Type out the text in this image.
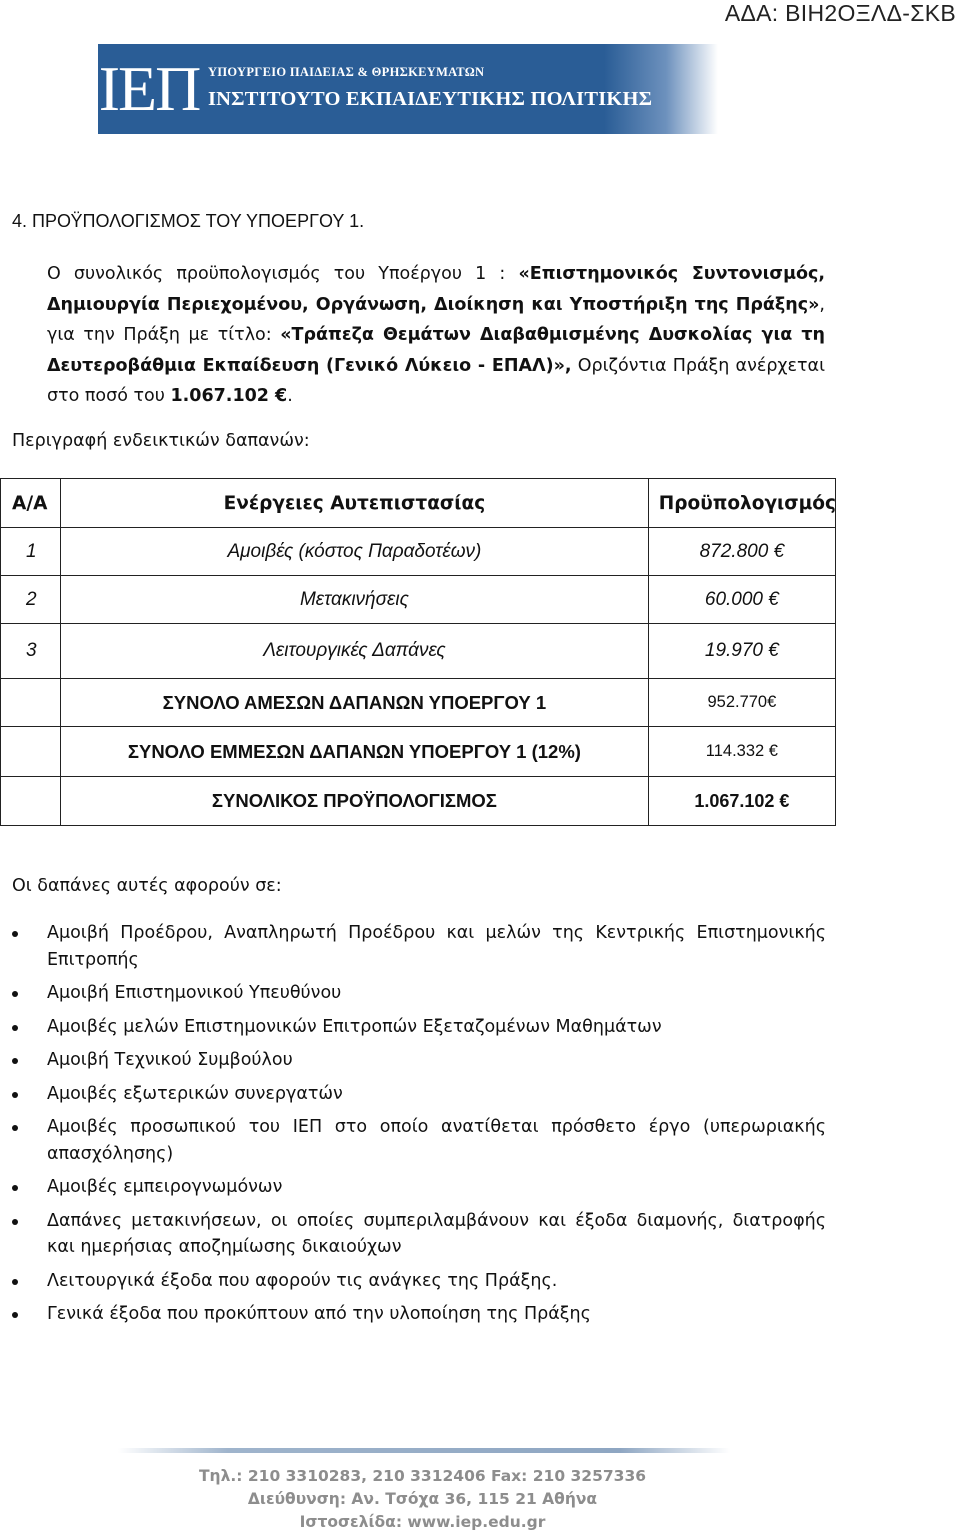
ΑΔΑ: ΒΙΗ2ΟΞΛΔ-ΣΚΒ
ΙΕΠ ΥΠΟΥΡΓΕΙΟ ΠΑΙΔΕΙΑΣ & ΘΡΗΣΚΕΥΜΑΤΩΝ
ΙΝΣΤΙΤΟΥΤΟ ΕΚΠΑΙΔΕΥΤΙΚΗΣ ΠΟΛΙΤΙΚΗΣ
4. ΠΡΟΫΠΟΛΟΓΙΣΜΟΣ ΤΟΥ ΥΠΟΕΡΓΟΥ 1.
Ο συνολικός προϋπολογισμός του Υποέργου 1 : «Επιστημονικός Συντονισμός, Δημιουργία Περιεχομένου, Οργάνωση, Διοίκηση και Υποστήριξη της Πράξης», για την Πράξη με τίτλο: «Τράπεζα Θεμάτων Διαβαθμισμένης Δυσκολίας για τη Δευτεροβάθμια Εκπαίδευση (Γενικό Λύκειο - ΕΠΑΛ)», Οριζόντια Πράξη ανέρχεται στο ποσό του 1.067.102 €.
Περιγραφή ενδεικτικών δαπανών:
Α/Α	Ενέργειες Αυτεπιστασίας	Προϋπολογισμός
1	Αμοιβές (κόστος Παραδοτέων)	872.800 €
2	Μετακινήσεις	60.000 €
3	Λειτουργικές Δαπάνες	19.970 €
	ΣΥΝΟΛΟ ΑΜΕΣΩΝ ΔΑΠΑΝΩΝ ΥΠΟΕΡΓΟΥ 1	952.770€
	ΣΥΝΟΛΟ ΕΜΜΕΣΩΝ ΔΑΠΑΝΩΝ ΥΠΟΕΡΓΟΥ 1 (12%)	114.332 €
	ΣΥΝΟΛΙΚΟΣ ΠΡΟΫΠΟΛΟΓΙΣΜΟΣ	1.067.102 €
Οι δαπάνες αυτές αφορούν σε:
Αμοιβή Προέδρου, Αναπληρωτή Προέδρου και μελών της Κεντρικής Επιστημονικής Επιτροπής
Αμοιβή Επιστημονικού Υπευθύνου
Αμοιβές μελών Επιστημονικών Επιτροπών Εξεταζομένων Μαθημάτων
Αμοιβή Τεχνικού Συμβούλου
Αμοιβές εξωτερικών συνεργατών
Αμοιβές προσωπικού του ΙΕΠ στο οποίο ανατίθεται πρόσθετο έργο (υπερωριακής απασχόλησης)
Αμοιβές εμπειρογνωμόνων
Δαπάνες μετακινήσεων, οι οποίες συμπεριλαμβάνουν και έξοδα διαμονής, διατροφής και ημερήσιας αποζημίωσης δικαιούχων
Λειτουργικά έξοδα που αφορούν τις ανάγκες της Πράξης.
Γενικά έξοδα που προκύπτουν από την υλοποίηση της Πράξης
Τηλ.: 210 3310283, 210 3312406 Fax: 210 3257336
Διεύθυνση: Αν. Τσόχα 36, 115 21 Αθήνα
Ιστοσελίδα: www.iep.edu.gr
